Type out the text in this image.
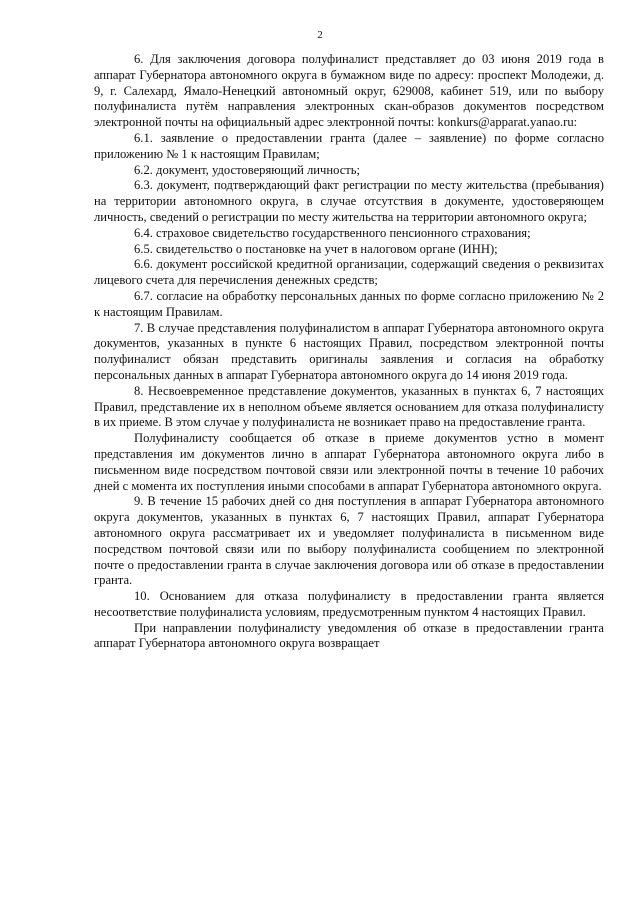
2

6. Для заключения договора полуфиналист представляет до 03 июня 2019 года в аппарат Губернатора автономного округа в бумажном виде по адресу: проспект Молодежи, д. 9, г. Салехард, Ямало-Ненецкий автономный округ, 629008, кабинет 519, или по выбору полуфиналиста путём направления электронных скан-образов документов посредством электронной почты на официальный адрес электронной почты: konkurs@apparat.yanao.ru:

6.1. заявление о предоставлении гранта (далее – заявление) по форме согласно приложению № 1 к настоящим Правилам;

6.2. документ, удостоверяющий личность;

6.3. документ, подтверждающий факт регистрации по месту жительства (пребывания) на территории автономного округа, в случае отсутствия в документе, удостоверяющем личность, сведений о регистрации по месту жительства на территории автономного округа;

6.4. страховое свидетельство государственного пенсионного страхования;

6.5. свидетельство о постановке на учет в налоговом органе (ИНН);

6.6. документ российской кредитной организации, содержащий сведения о реквизитах лицевого счета для перечисления денежных средств;

6.7. согласие на обработку персональных данных по форме согласно приложению № 2 к настоящим Правилам.

7. В случае представления полуфиналистом в аппарат Губернатора автономного округа документов, указанных в пункте 6 настоящих Правил, посредством электронной почты полуфиналист обязан представить оригиналы заявления и согласия на обработку персональных данных в аппарат Губернатора автономного округа до 14 июня 2019 года.

8. Несвоевременное представление документов, указанных в пунктах 6, 7 настоящих Правил, представление их в неполном объеме является основанием для отказа полуфиналисту в их приеме. В этом случае у полуфиналиста не возникает право на предоставление гранта.

Полуфиналисту сообщается об отказе в приеме документов устно в момент представления им документов лично в аппарат Губернатора автономного округа либо в письменном виде посредством почтовой связи или электронной почты в течение 10 рабочих дней с момента их поступления иными способами в аппарат Губернатора автономного округа.

9. В течение 15 рабочих дней со дня поступления в аппарат Губернатора автономного округа документов, указанных в пунктах 6, 7 настоящих Правил, аппарат Губернатора автономного округа рассматривает их и уведомляет полуфиналиста в письменном виде посредством почтовой связи или по выбору полуфиналиста сообщением по электронной почте о предоставлении гранта в случае заключения договора или об отказе в предоставлении гранта.

10. Основанием для отказа полуфиналисту в предоставлении гранта является несоответствие полуфиналиста условиям, предусмотренным пунктом 4 настоящих Правил.

При направлении полуфиналисту уведомления об отказе в предоставлении гранта аппарат Губернатора автономного округа возвращает
